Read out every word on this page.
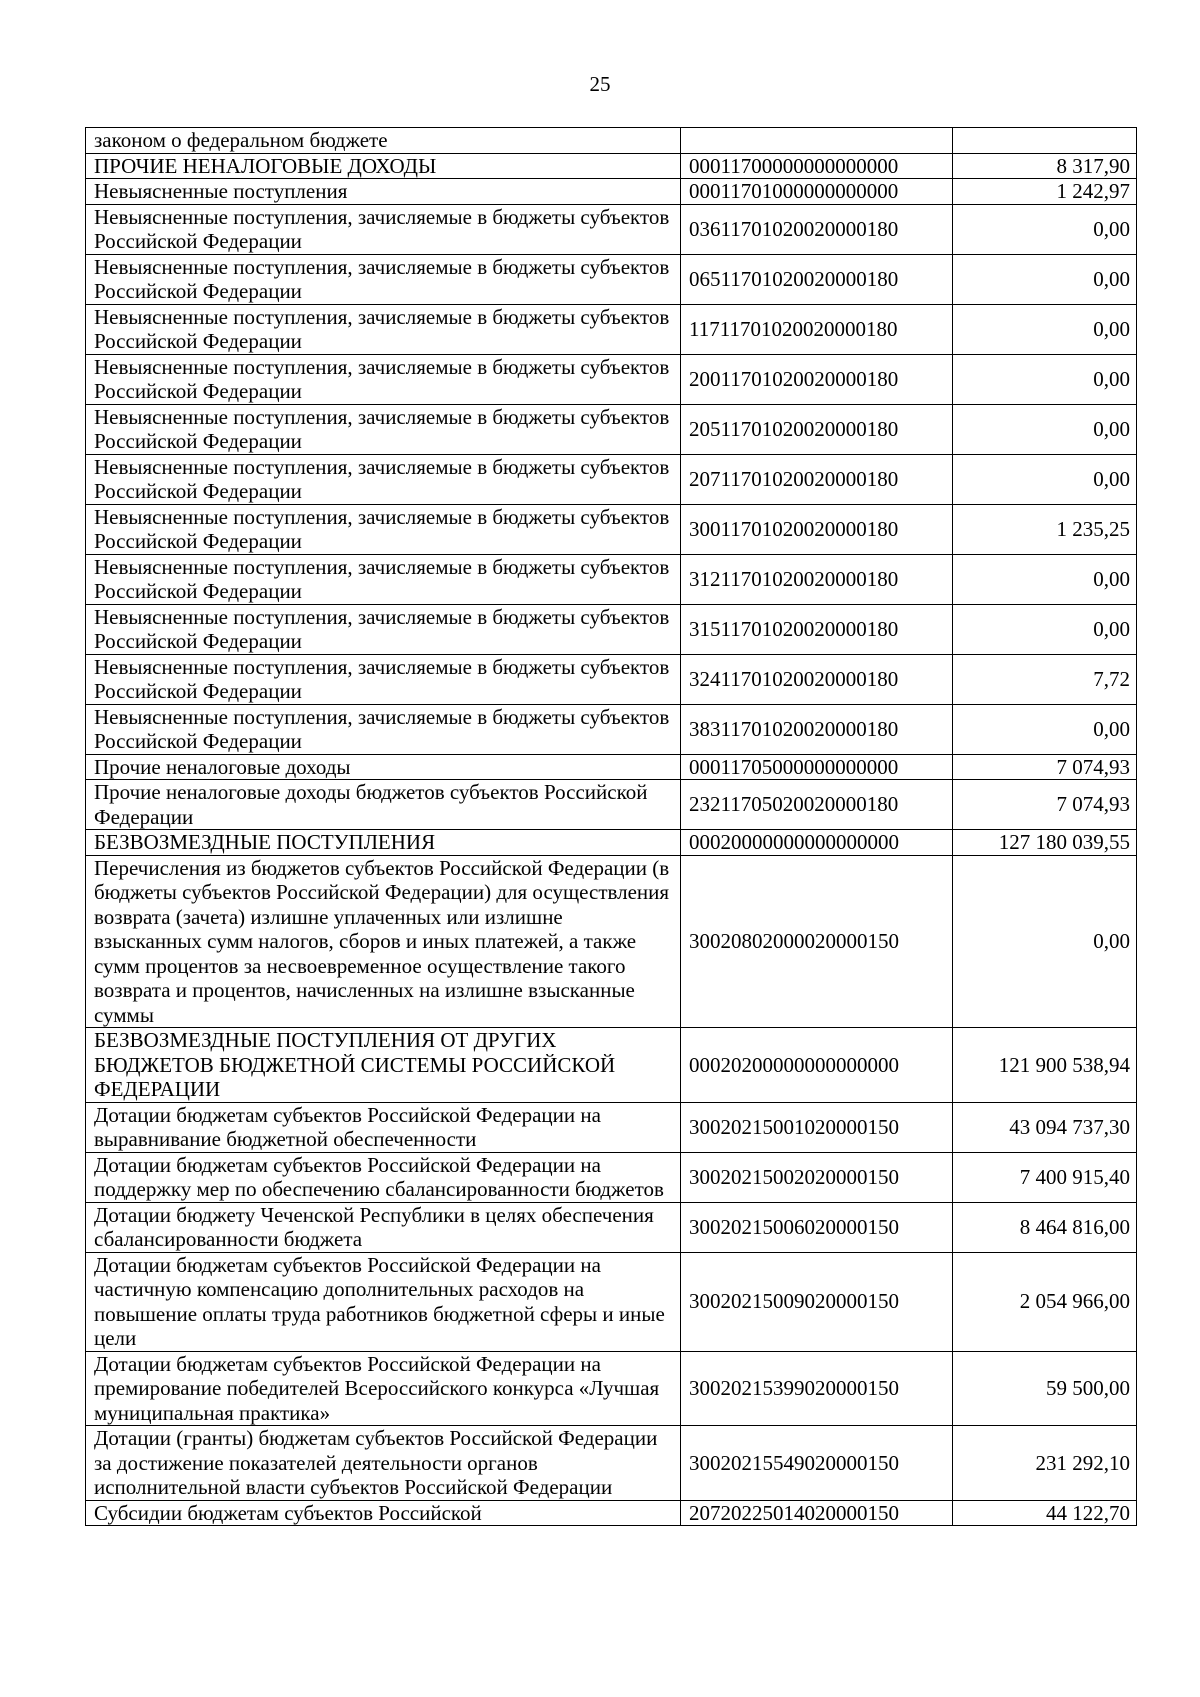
25
законом о федеральном бюджете		
ПРОЧИЕ НЕНАЛОГОВЫЕ ДОХОДЫ	00011700000000000000	8 317,90
Невыясненные поступления	00011701000000000000	1 242,97
Невыясненные поступления, зачисляемые в бюджеты субъектов Российской Федерации	03611701020020000180	0,00
Невыясненные поступления, зачисляемые в бюджеты субъектов Российской Федерации	06511701020020000180	0,00
Невыясненные поступления, зачисляемые в бюджеты субъектов Российской Федерации	11711701020020000180	0,00
Невыясненные поступления, зачисляемые в бюджеты субъектов Российской Федерации	20011701020020000180	0,00
Невыясненные поступления, зачисляемые в бюджеты субъектов Российской Федерации	20511701020020000180	0,00
Невыясненные поступления, зачисляемые в бюджеты субъектов Российской Федерации	20711701020020000180	0,00
Невыясненные поступления, зачисляемые в бюджеты субъектов Российской Федерации	30011701020020000180	1 235,25
Невыясненные поступления, зачисляемые в бюджеты субъектов Российской Федерации	31211701020020000180	0,00
Невыясненные поступления, зачисляемые в бюджеты субъектов Российской Федерации	31511701020020000180	0,00
Невыясненные поступления, зачисляемые в бюджеты субъектов Российской Федерации	32411701020020000180	7,72
Невыясненные поступления, зачисляемые в бюджеты субъектов Российской Федерации	38311701020020000180	0,00
Прочие неналоговые доходы	00011705000000000000	7 074,93
Прочие неналоговые доходы бюджетов субъектов Российской Федерации	23211705020020000180	7 074,93
БЕЗВОЗМЕЗДНЫЕ ПОСТУПЛЕНИЯ	00020000000000000000	127 180 039,55
Перечисления из бюджетов субъектов Российской Федерации (в бюджеты субъектов Российской Федерации) для осуществления возврата (зачета) излишне уплаченных или излишне взысканных сумм налогов, сборов и иных платежей, а также сумм процентов за несвоевременное осуществление такого возврата и процентов, начисленных на излишне взысканные суммы	30020802000020000150	0,00
БЕЗВОЗМЕЗДНЫЕ ПОСТУПЛЕНИЯ ОТ ДРУГИХ БЮДЖЕТОВ БЮДЖЕТНОЙ СИСТЕМЫ РОССИЙСКОЙ ФЕДЕРАЦИИ	00020200000000000000	121 900 538,94
Дотации бюджетам субъектов Российской Федерации на выравнивание бюджетной обеспеченности	30020215001020000150	43 094 737,30
Дотации бюджетам субъектов Российской Федерации на поддержку мер по обеспечению сбалансированности бюджетов	30020215002020000150	7 400 915,40
Дотации бюджету Чеченской Республики в целях обеспечения сбалансированности бюджета	30020215006020000150	8 464 816,00
Дотации бюджетам субъектов Российской Федерации на частичную компенсацию дополнительных расходов на повышение оплаты труда работников бюджетной сферы и иные цели	30020215009020000150	2 054 966,00
Дотации бюджетам субъектов Российской Федерации на премирование победителей Всероссийского конкурса «Лучшая муниципальная практика»	30020215399020000150	59 500,00
Дотации (гранты) бюджетам субъектов Российской Федерации за достижение показателей деятельности органов исполнительной власти субъектов Российской Федерации	30020215549020000150	231 292,10
Субсидии бюджетам субъектов Российской	20720225014020000150	44 122,70
